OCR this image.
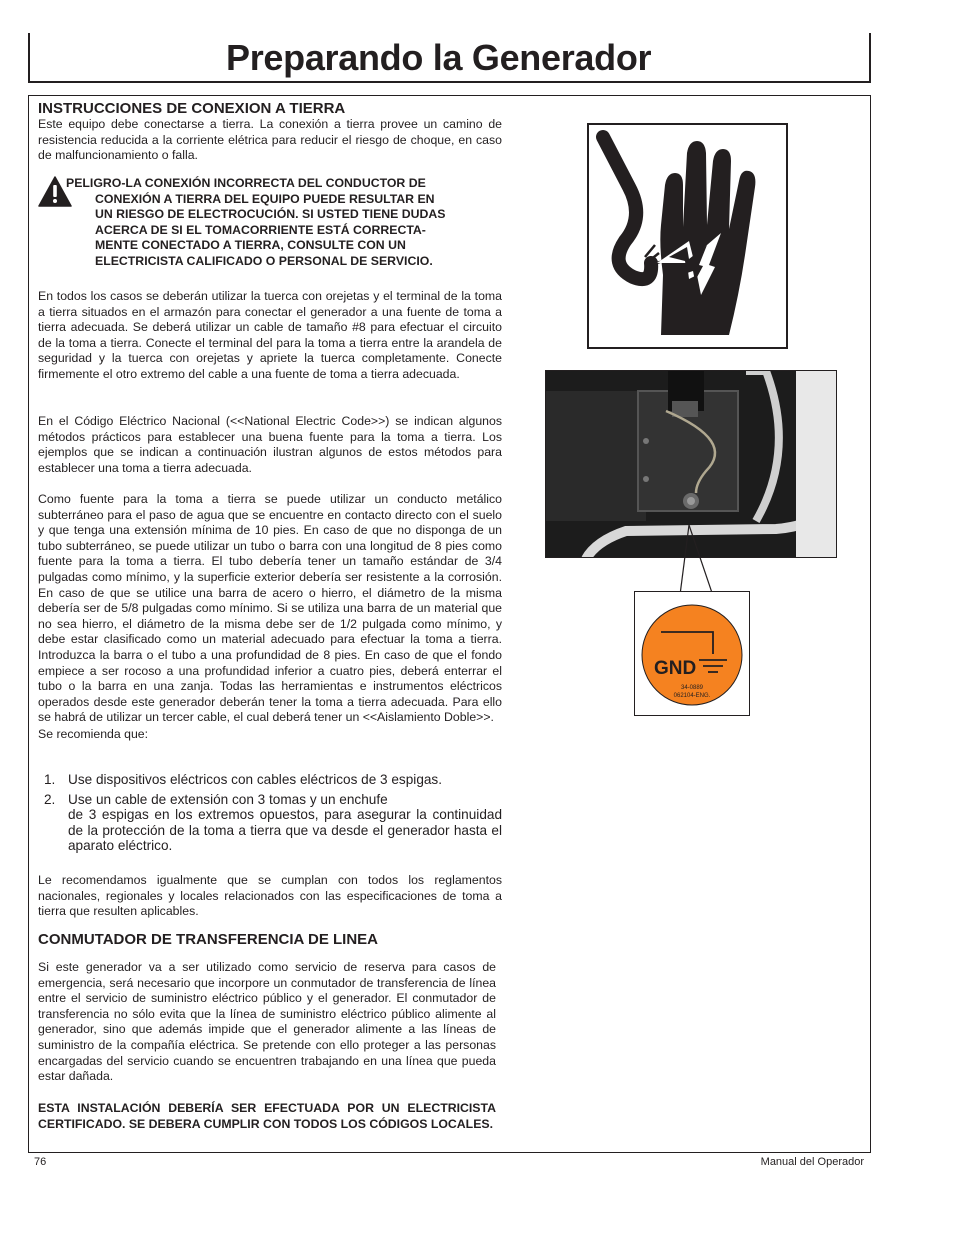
Preparando la Generador

INSTRUCCIONES DE CONEXION A TIERRA

Este equipo debe conectarse a tierra. La conexión a tierra provee un camino de resistencia reducida a la corriente elétrica para reducir el riesgo de choque, en caso de malfuncionamiento o falla.

PELIGRO-LA CONEXIÓN INCORRECTA DEL CONDUCTOR DE
CONEXIÓN A TIERRA DEL EQUIPO PUEDE RESULTAR EN
UN RIESGO DE ELECTROCUCIÓN. SI USTED TIENE DUDAS
ACERCA DE SI EL TOMACORRIENTE ESTÁ CORRECTA-
MENTE CONECTADO A TIERRA, CONSULTE CON UN
ELECTRICISTA CALIFICADO O PERSONAL DE SERVICIO.

En todos los casos se deberán utilizar la tuerca con orejetas y el terminal de la toma a tierra situados en el armazón para conectar el generador a una fuente de toma a tierra adecuada. Se deberá utilizar un cable de tamaño #8 para efectuar el circuito de la toma a tierra. Conecte el terminal del para la toma a tierra entre la arandela de seguridad y la tuerca con orejetas y apriete la tuerca completamente. Conecte firmemente el otro extremo del cable a una fuente de toma a tierra adecuada.

En el Código Eléctrico Nacional (<<National Electric Code>>) se indican algunos métodos prácticos para establecer una buena fuente para la toma a tierra. Los ejemplos que se indican a continuación ilustran algunos de estos métodos para establecer una toma a tierra adecuada.

Como fuente para la toma a tierra se puede utilizar un conducto metálico subterráneo para el paso de agua que se encuentre en contacto directo con el suelo y que tenga una extensión mínima de 10 pies. En caso de que no disponga de un tubo subterráneo, se puede utilizar un tubo o barra con una longitud de 8 pies como fuente para la toma a tierra. El tubo debería tener un tamaño estándar de 3/4 pulgadas como mínimo, y la superficie exterior debería ser resistente a la corrosión. En caso de que se utilice una barra de acero o hierro, el diámetro de la misma debería ser de 5/8 pulgadas como mínimo. Si se utiliza una barra de un material que no sea hierro, el diámetro de la misma debe ser de 1/2 pulgada como mínimo, y debe estar clasificado como un material adecuado para efectuar la toma a tierra. Introduzca la barra o el tubo a una profundidad de 8 pies. En caso de que el fondo empiece a ser rocoso a una profundidad inferior a cuatro pies, deberá enterrar el tubo o la barra en una zanja. Todas las herramientas e instrumentos eléctricos operados desde este generador deberán tener la toma a tierra adecuada. Para ello se habrá de utilizar un tercer cable, el cual deberá tener un <<Aislamiento Doble>>.

Se recomienda que:

1. Use dispositivos eléctricos con cables eléctricos de 3 espigas.

2. Use un cable de extensión con 3 tomas y un enchufe
de 3 espigas en los extremos opuestos, para asegurar la continuidad de la protección de la toma a tierra que va desde el generador hasta el aparato eléctrico.

Le recomendamos igualmente que se cumplan con todos los reglamentos nacionales, regionales y locales relacionados con las especificaciones de toma a tierra que resulten aplicables.

CONMUTADOR DE TRANSFERENCIA DE LINEA

Si este generador va a ser utilizado como servicio de reserva para casos de emergencia, será necesario que incorpore un conmutador de transferencia de línea entre el servicio de suministro eléctrico público y el generador. El conmutador de transferencia no sólo evita que la línea de suministro eléctrico público alimente al generador, sino que además impide que el generador alimente a las líneas de suministro de la compañía eléctrica. Se pretende con ello proteger a las personas encargadas del servicio cuando se encuentren trabajando en una línea que pueda estar dañada.

ESTA INSTALACIÓN DEBERÍA SER EFECTUADA POR UN ELECTRICISTA CERTIFICADO. SE DEBERA CUMPLIR CON TODOS LOS CÓDIGOS LOCALES.

76	Manual del Operador
GND
34-0889
062104-ENG.
